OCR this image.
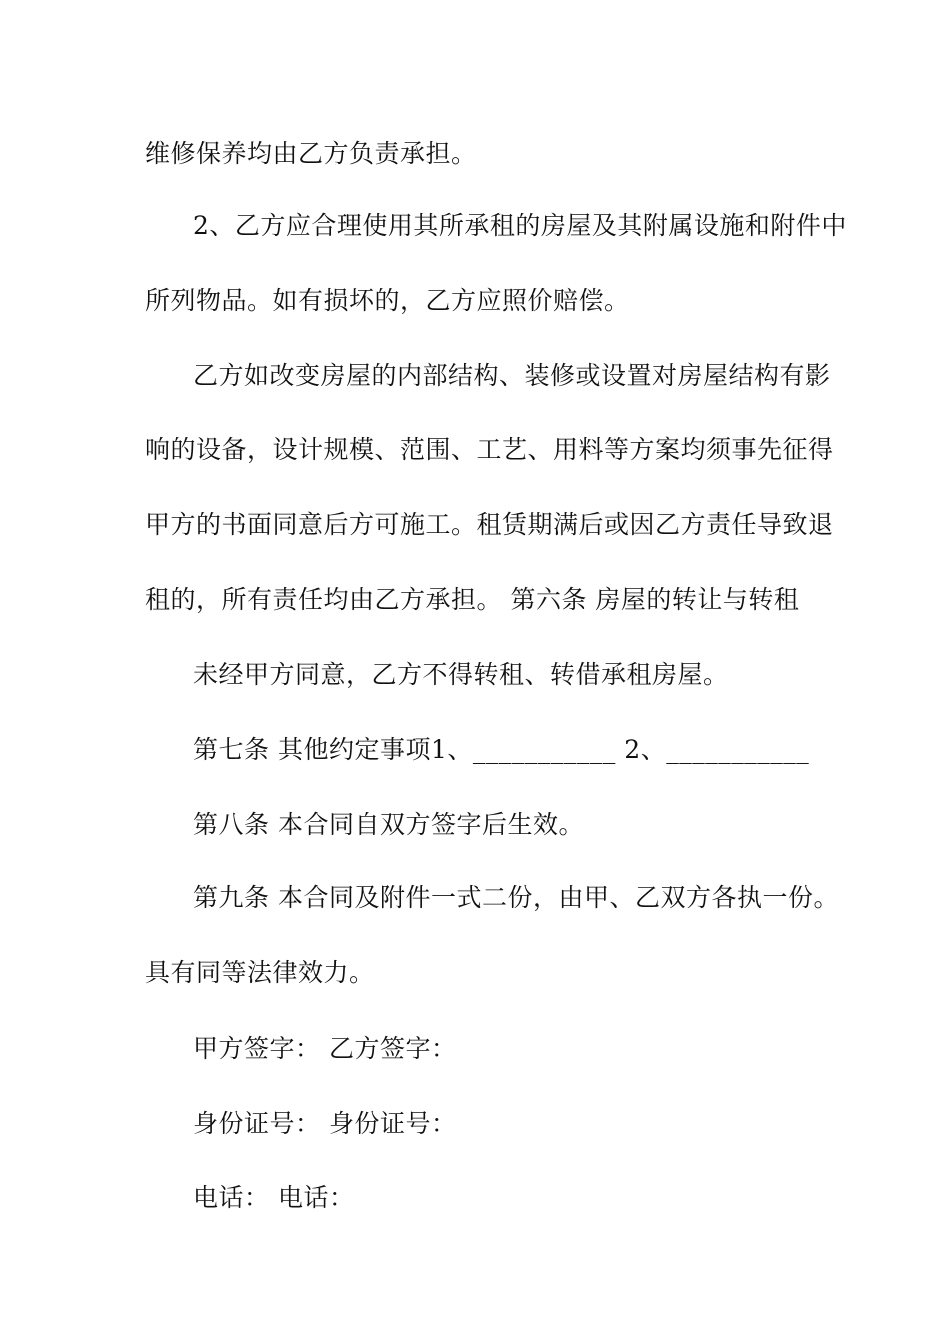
维修保养均由乙方负责承担。
2、乙方应合理使用其所承租的房屋及其附属设施和附件中
所列物品。如有损坏的，乙方应照价赔偿。
乙方如改变房屋的内部结构、装修或设置对房屋结构有影
响的设备，设计规模、范围、工艺、用料等方案均须事先征得
甲方的书面同意后方可施工。租赁期满后或因乙方责任导致退
租的，所有责任均由乙方承担。 第六条 房屋的转让与转租
未经甲方同意，乙方不得转租、转借承租房屋。
第七条 其他约定事项1、___________ 2、___________
第八条 本合同自双方签字后生效。
第九条 本合同及附件一式二份，由甲、乙双方各执一份。
具有同等法律效力。
甲方签字： 乙方签字：
身份证号： 身份证号：
电话： 电话：
